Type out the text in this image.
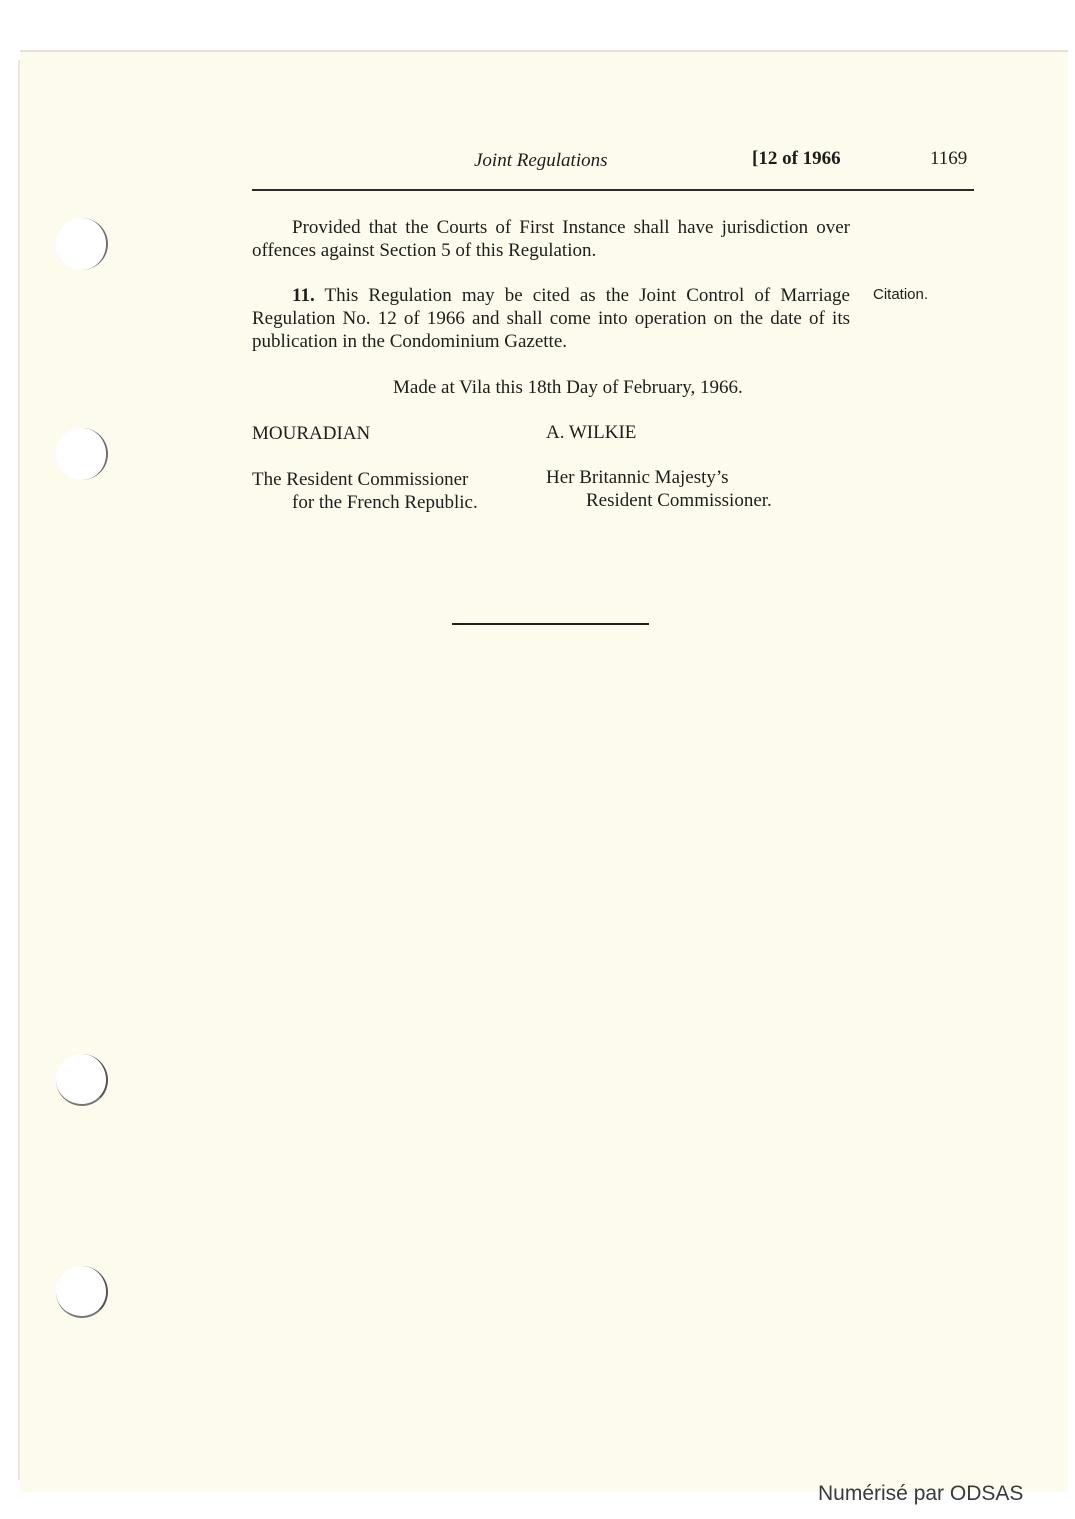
Joint Regulations	[12 of 1966	1169

Provided that the Courts of First Instance shall have jurisdiction over offences against Section 5 of this Regulation.

11. This Regulation may be cited as the Joint Control of Marriage Regulation No. 12 of 1966 and shall come into operation on the date of its publication in the Condominium Gazette.

Citation.

Made at Vila this 18th Day of February, 1966.

MOURADIAN	A. WILKIE
The Resident Commissioner
for the French Republic.
Her Britannic Majesty’s
Resident Commissioner.
Numérisé par ODSAS
